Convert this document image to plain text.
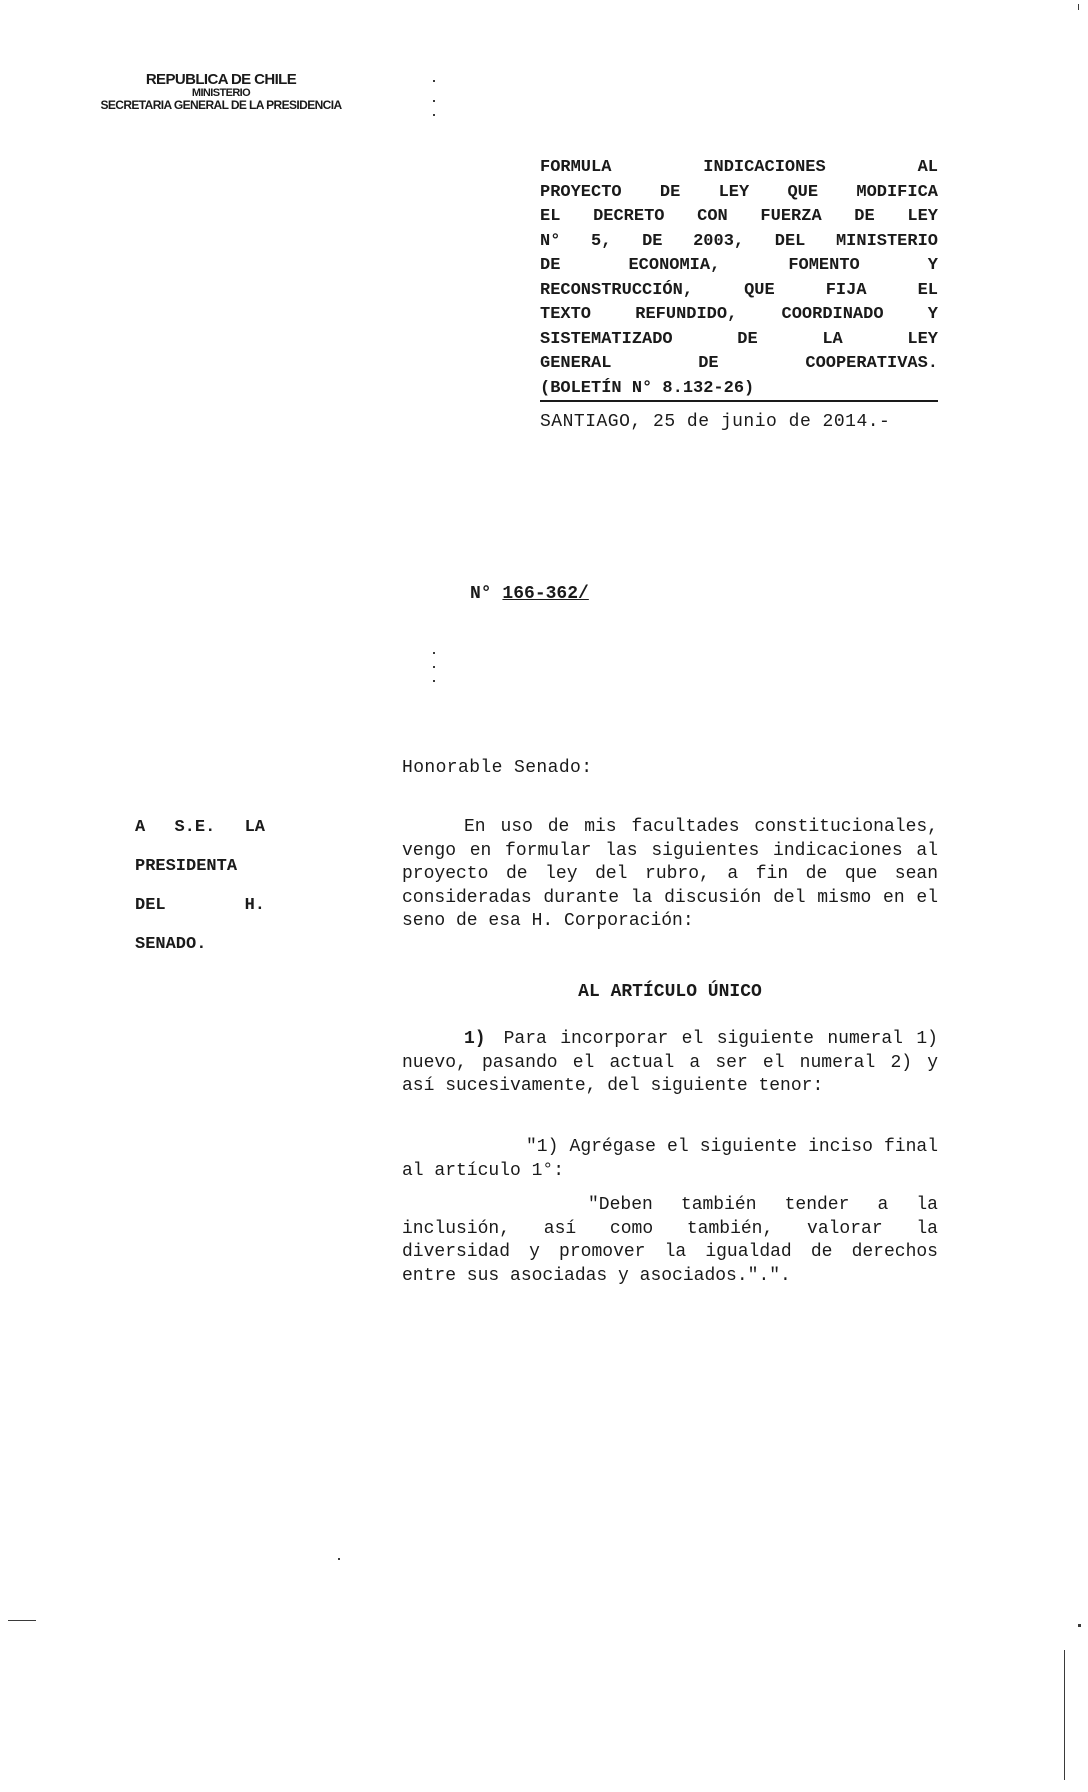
REPUBLICA DE CHILE
MINISTERIO
SECRETARIA GENERAL DE LA PRESIDENCIA
FORMULA INDICACIONES AL
PROYECTO DE LEY QUE MODIFICA
EL DECRETO CON FUERZA DE LEY
N° 5, DE 2003, DEL MINISTERIO
DE ECONOMIA, FOMENTO Y
RECONSTRUCCIÓN, QUE FIJA EL
TEXTO REFUNDIDO, COORDINADO Y
SISTEMATIZADO DE LA LEY
GENERAL DE COOPERATIVAS.
(BOLETÍN N° 8.132-26)
SANTIAGO, 25 de junio de 2014.-
N° 166-362/
Honorable Senado:
A S.E. LA
PRESIDENTA
DEL	H.
SENADO.
En uso de mis facultades constitucionales, vengo en formular las siguientes indicaciones al proyecto de ley del rubro, a fin de que sean consideradas durante la discusión del mismo en el seno de esa H. Corporación:
AL ARTÍCULO ÚNICO
1) Para incorporar el siguiente numeral 1) nuevo, pasando el actual a ser el numeral 2) y así sucesivamente, del siguiente tenor:
"1) Agrégase el siguiente inciso final al artículo 1°:
"Deben también tender a la inclusión, así como también, valorar la diversidad y promover la igualdad de derechos entre sus asociadas y asociados.".".
